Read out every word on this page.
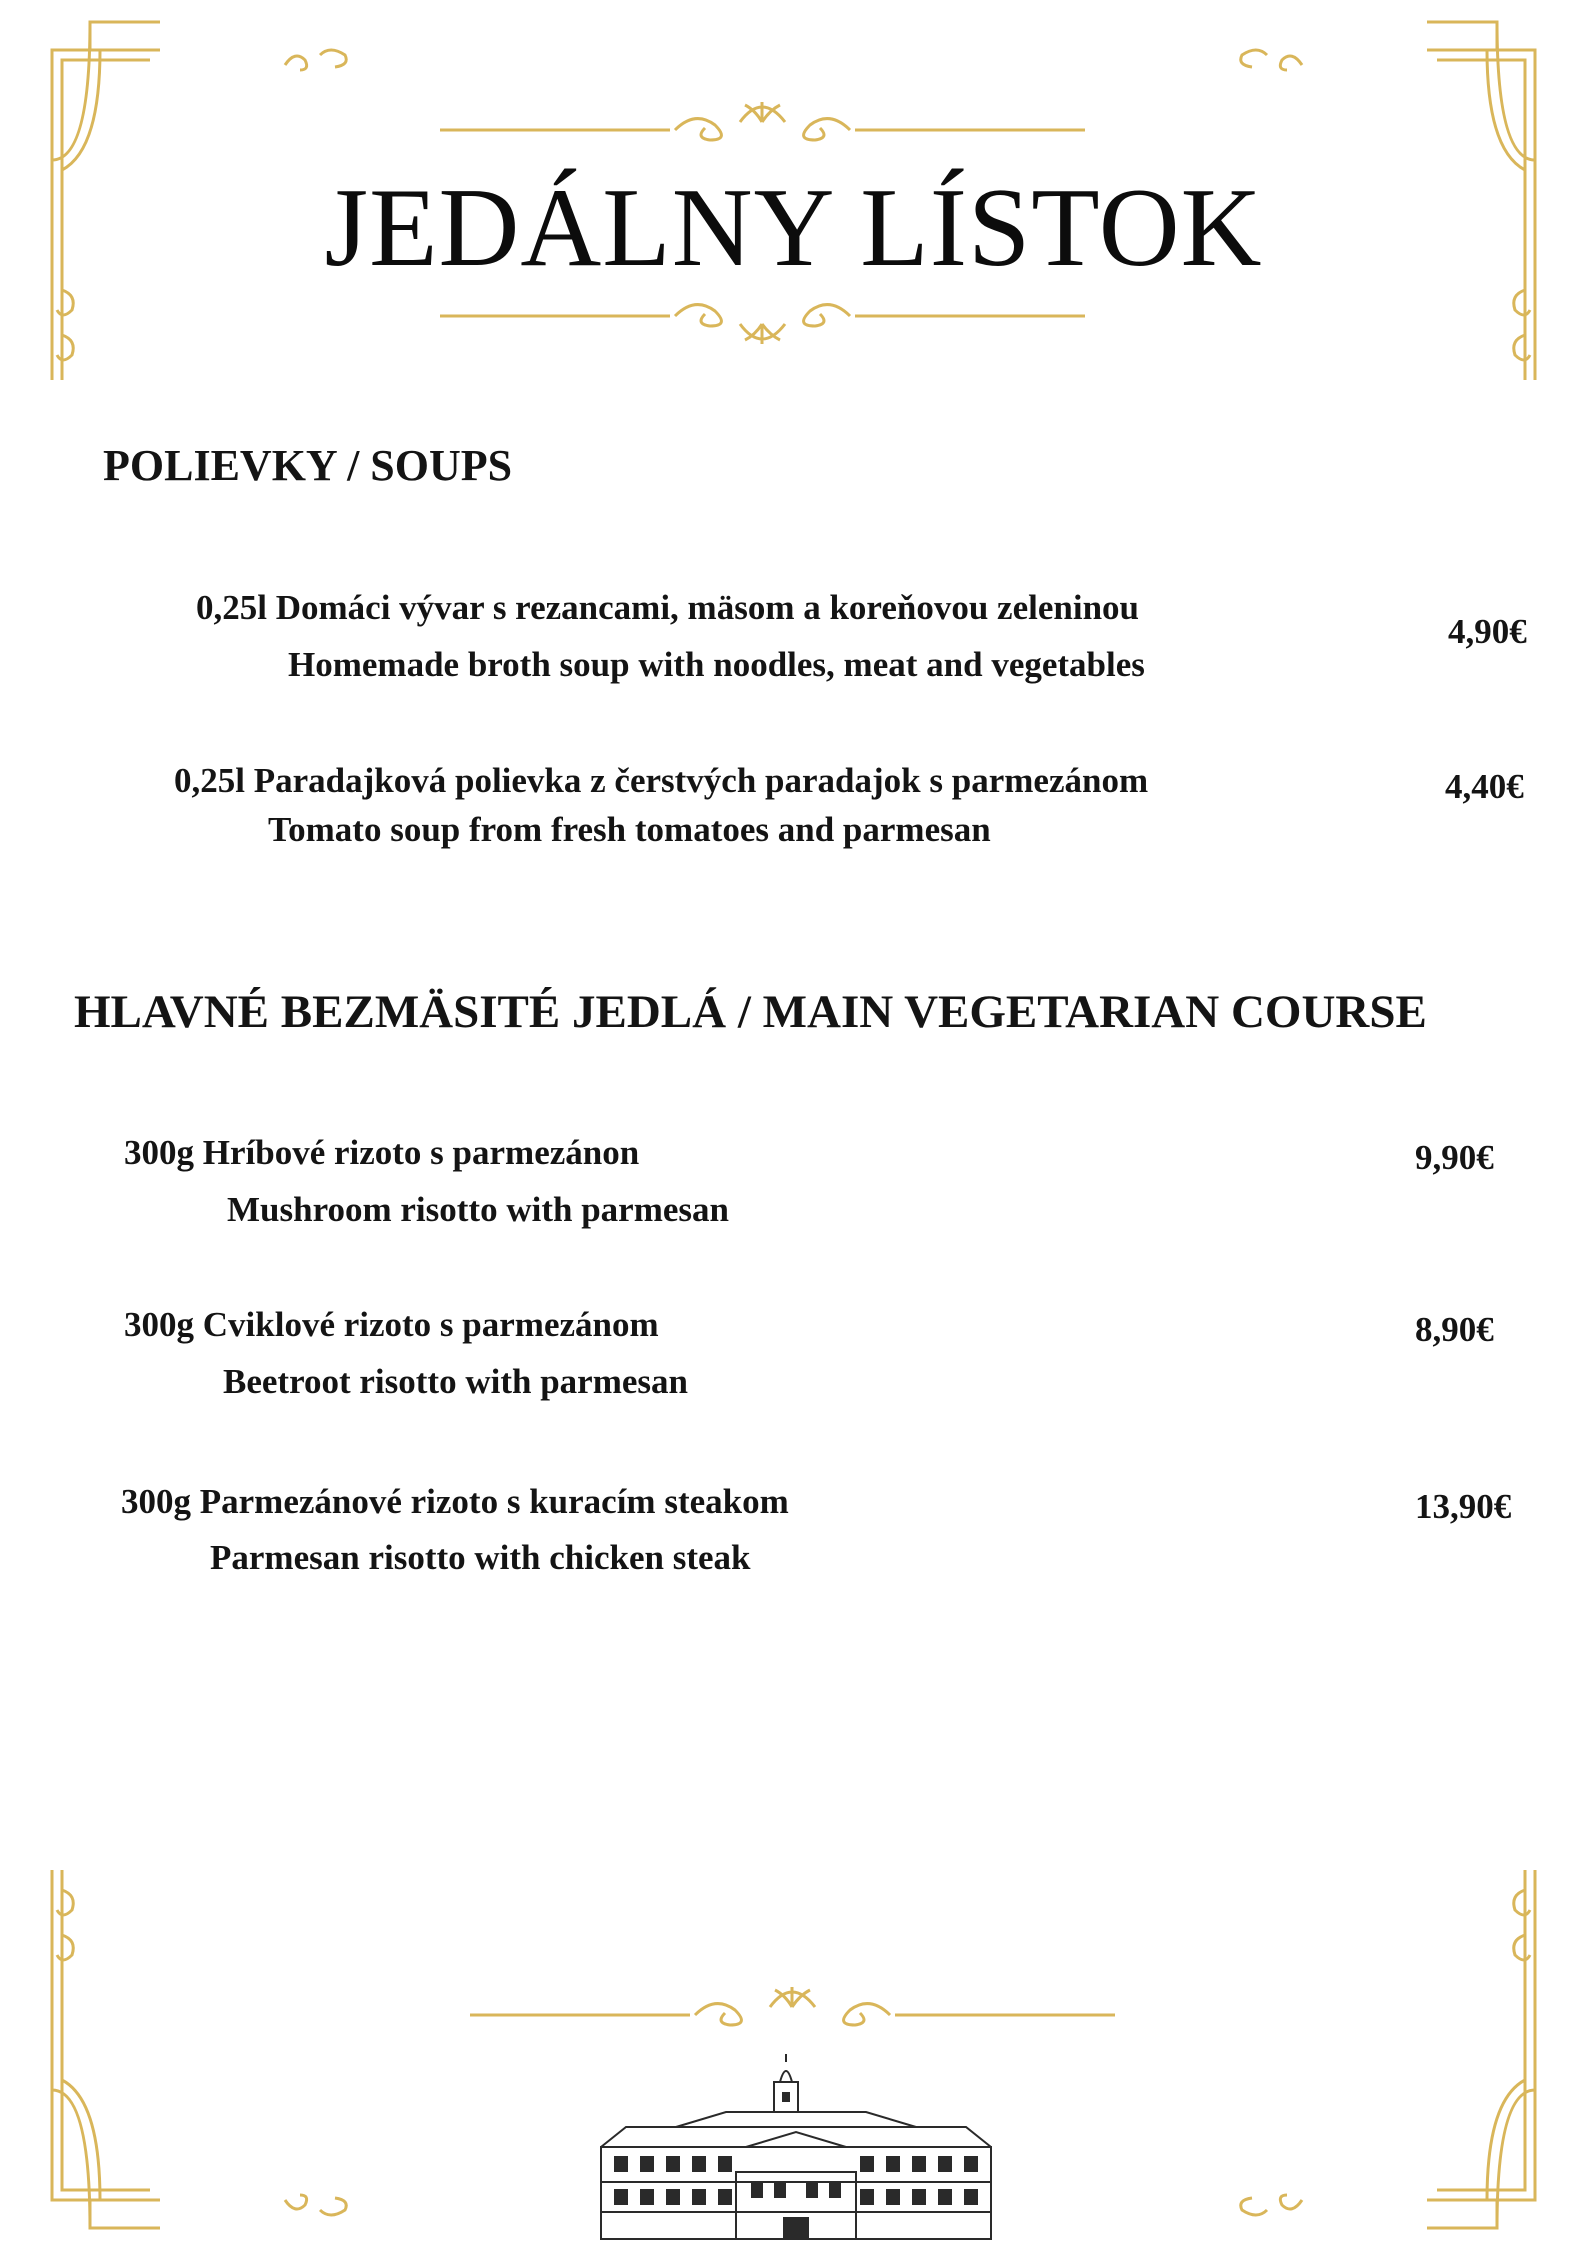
JEDÁLNY LÍSTOK
POLIEVKY / SOUPS
0,25l Domáci vývar s rezancami, mäsom a koreňovou zeleninou
Homemade broth soup with noodles, meat and vegetables
4,90€
0,25l Paradajková polievka z čerstvých paradajok s parmezánom
Tomato soup from fresh tomatoes and parmesan
4,40€
HLAVNÉ BEZMÄSITÉ JEDLÁ / MAIN VEGETARIAN COURSE
300g Hríbové rizoto s parmezánon
Mushroom risotto with parmesan
9,90€
300g Cviklové rizoto s parmezánom
Beetroot risotto with parmesan
8,90€
300g Parmezánové rizoto s kuracím steakom
Parmesan risotto with chicken steak
13,90€
